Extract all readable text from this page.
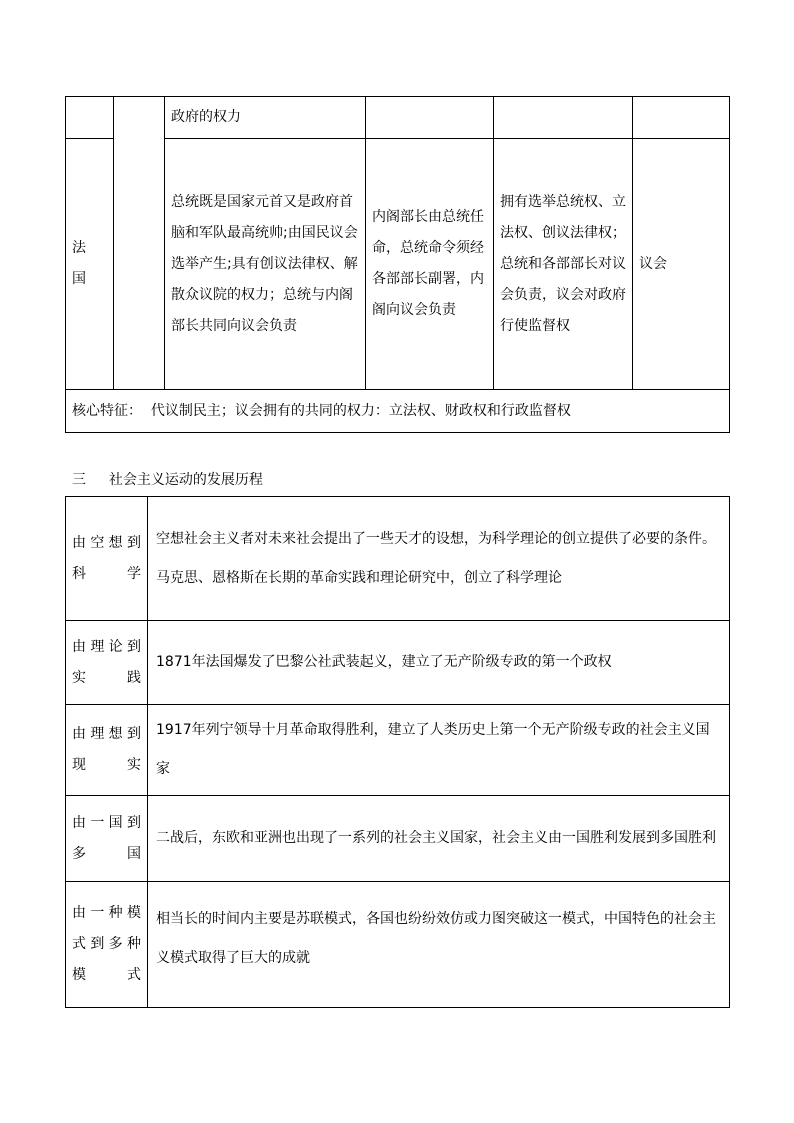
		政府的权力			

法
国		总统既是国家元首又是政府首脑和军队最高统帅;由国民议会选举产生;具有创议法律权、解散众议院的权力；总统与内阁部长共同向议会负责	内阁部长由总统任命，总统命令须经各部部长副署，内阁向议会负责	拥有选举总统权、立法权、创议法律权；总统和各部部长对议会负责，议会对政府行使监督权	议会
核心特征：  代议制民主；议会拥有的共同的权力：立法权、财政权和行政监督权					
三 社会主义运动的发展历程
由空想到科学	空想社会主义者对未来社会提出了一些天才的设想，为科学理论的创立提供了必要的条件。马克思、恩格斯在长期的革命实践和理论研究中，创立了科学理论
由理论到实践	1871年法国爆发了巴黎公社武装起义，建立了无产阶级专政的第一个政权
由理想到现实	1917年列宁领导十月革命取得胜利，建立了人类历史上第一个无产阶级专政的社会主义国家
由一国到多国	二战后，东欧和亚洲也出现了一系列的社会主义国家，社会主义由一国胜利发展到多国胜利
由一种模式到多种模式	相当长的时间内主要是苏联模式，各国也纷纷效仿或力图突破这一模式，中国特色的社会主义模式取得了巨大的成就
